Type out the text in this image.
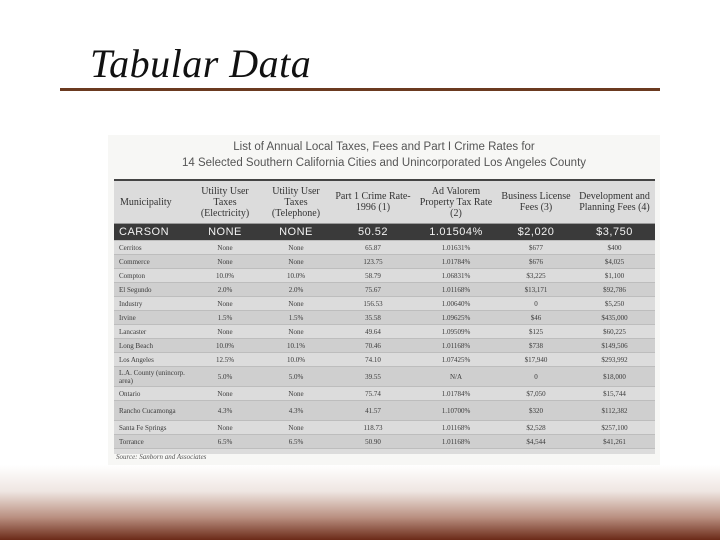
Tabular Data
List of Annual Local Taxes, Fees and Part I Crime Rates for
14 Selected Southern California Cities and Unincorporated Los Angeles County
Municipality	Utility User Taxes (Electricity)	Utility User Taxes (Telephone)	Part 1 Crime Rate-1996 (1)	Ad Valorem Property Tax Rate (2)	Business License Fees (3)	Development and Planning Fees (4)
CARSON	NONE	NONE	50.52	1.01504%	$2,020	$3,750
Cerritos	None	None	65.87	1.01631%	$677	$400
Commerce	None	None	123.75	1.01784%	$676	$4,025
Compton	10.0%	10.0%	58.79	1.06831%	$3,225	$1,100
El Segundo	2.0%	2.0%	75.67	1.01168%	$13,171	$92,786
Industry	None	None	156.53	1.00640%	0	$5,250
Irvine	1.5%	1.5%	35.58	1.09625%	$46	$435,000
Lancaster	None	None	49.64	1.09509%	$125	$60,225
Long Beach	10.0%	10.1%	70.46	1.01168%	$738	$149,506
Los Angeles	12.5%	10.0%	74.10	1.07425%	$17,940	$293,992
L.A. County (unincorp. area)	5.0%	5.0%	39.55	N/A	0	$18,000
Ontario	None	None	75.74	1.01784%	$7,050	$15,744
Rancho Cucamonga	4.3%	4.3%	41.57	1.10700%	$320	$112,382
Santa Fe Springs	None	None	118.73	1.01168%	$2,528	$257,100
Torrance	6.5%	6.5%	50.90	1.01168%	$4,544	$41,261
Source: Sanborn and Associates
